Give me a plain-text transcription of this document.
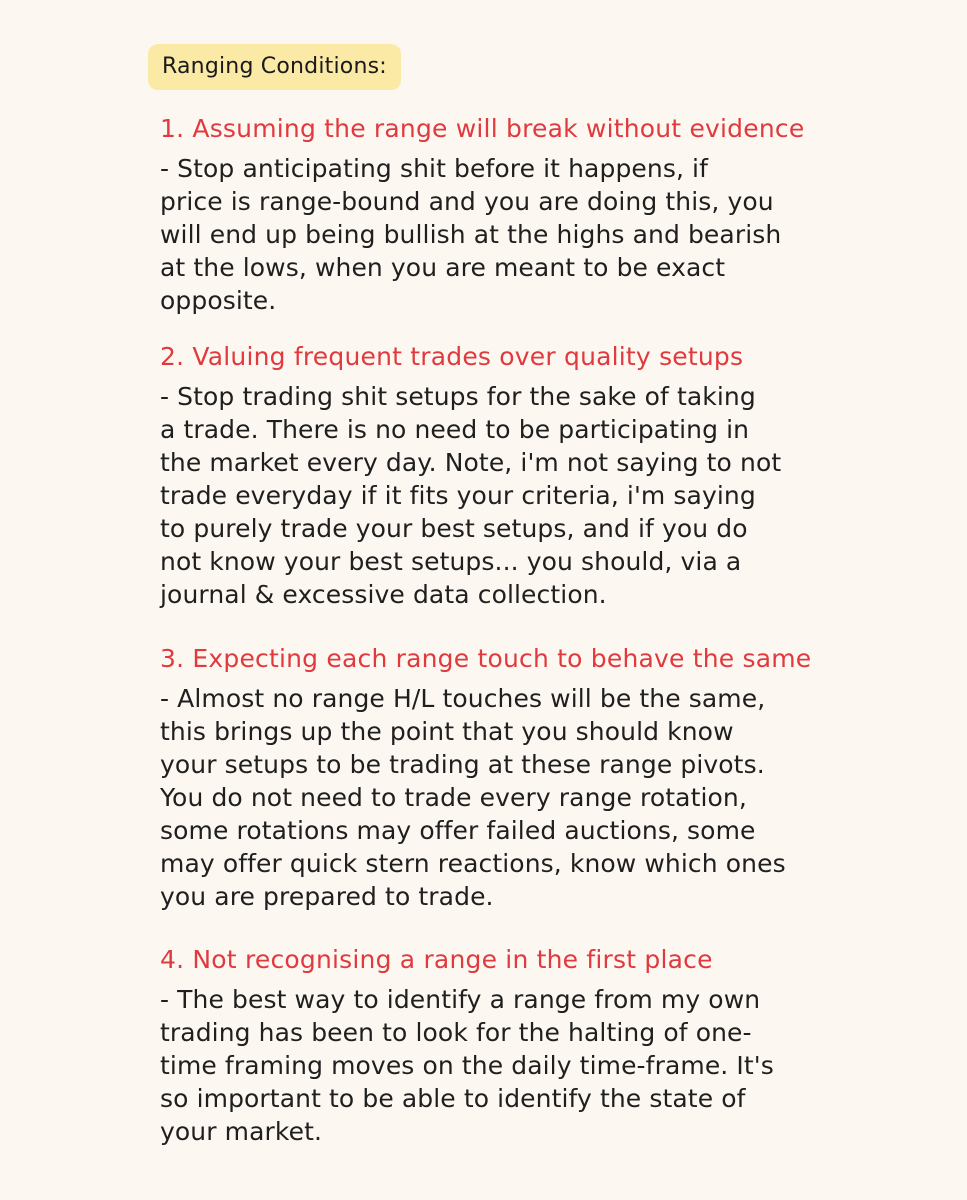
Ranging Conditions:
1. Assuming the range will break without evidence
- Stop anticipating shit before it happens, if
price is range-bound and you are doing this, you
will end up being bullish at the highs and bearish
at the lows, when you are meant to be exact
opposite.
2. Valuing frequent trades over quality setups
- Stop trading shit setups for the sake of taking
a trade. There is no need to be participating in
the market every day. Note, i'm not saying to not
trade everyday if it fits your criteria, i'm saying
to purely trade your best setups, and if you do
not know your best setups... you should, via a
journal & excessive data collection.
3. Expecting each range touch to behave the same
- Almost no range H/L touches will be the same,
this brings up the point that you should know
your setups to be trading at these range pivots.
You do not need to trade every range rotation,
some rotations may offer failed auctions, some
may offer quick stern reactions, know which ones
you are prepared to trade.
4. Not recognising a range in the first place
- The best way to identify a range from my own
trading has been to look for the halting of one-
time framing moves on the daily time-frame. It's
so important to be able to identify the state of
your market.
